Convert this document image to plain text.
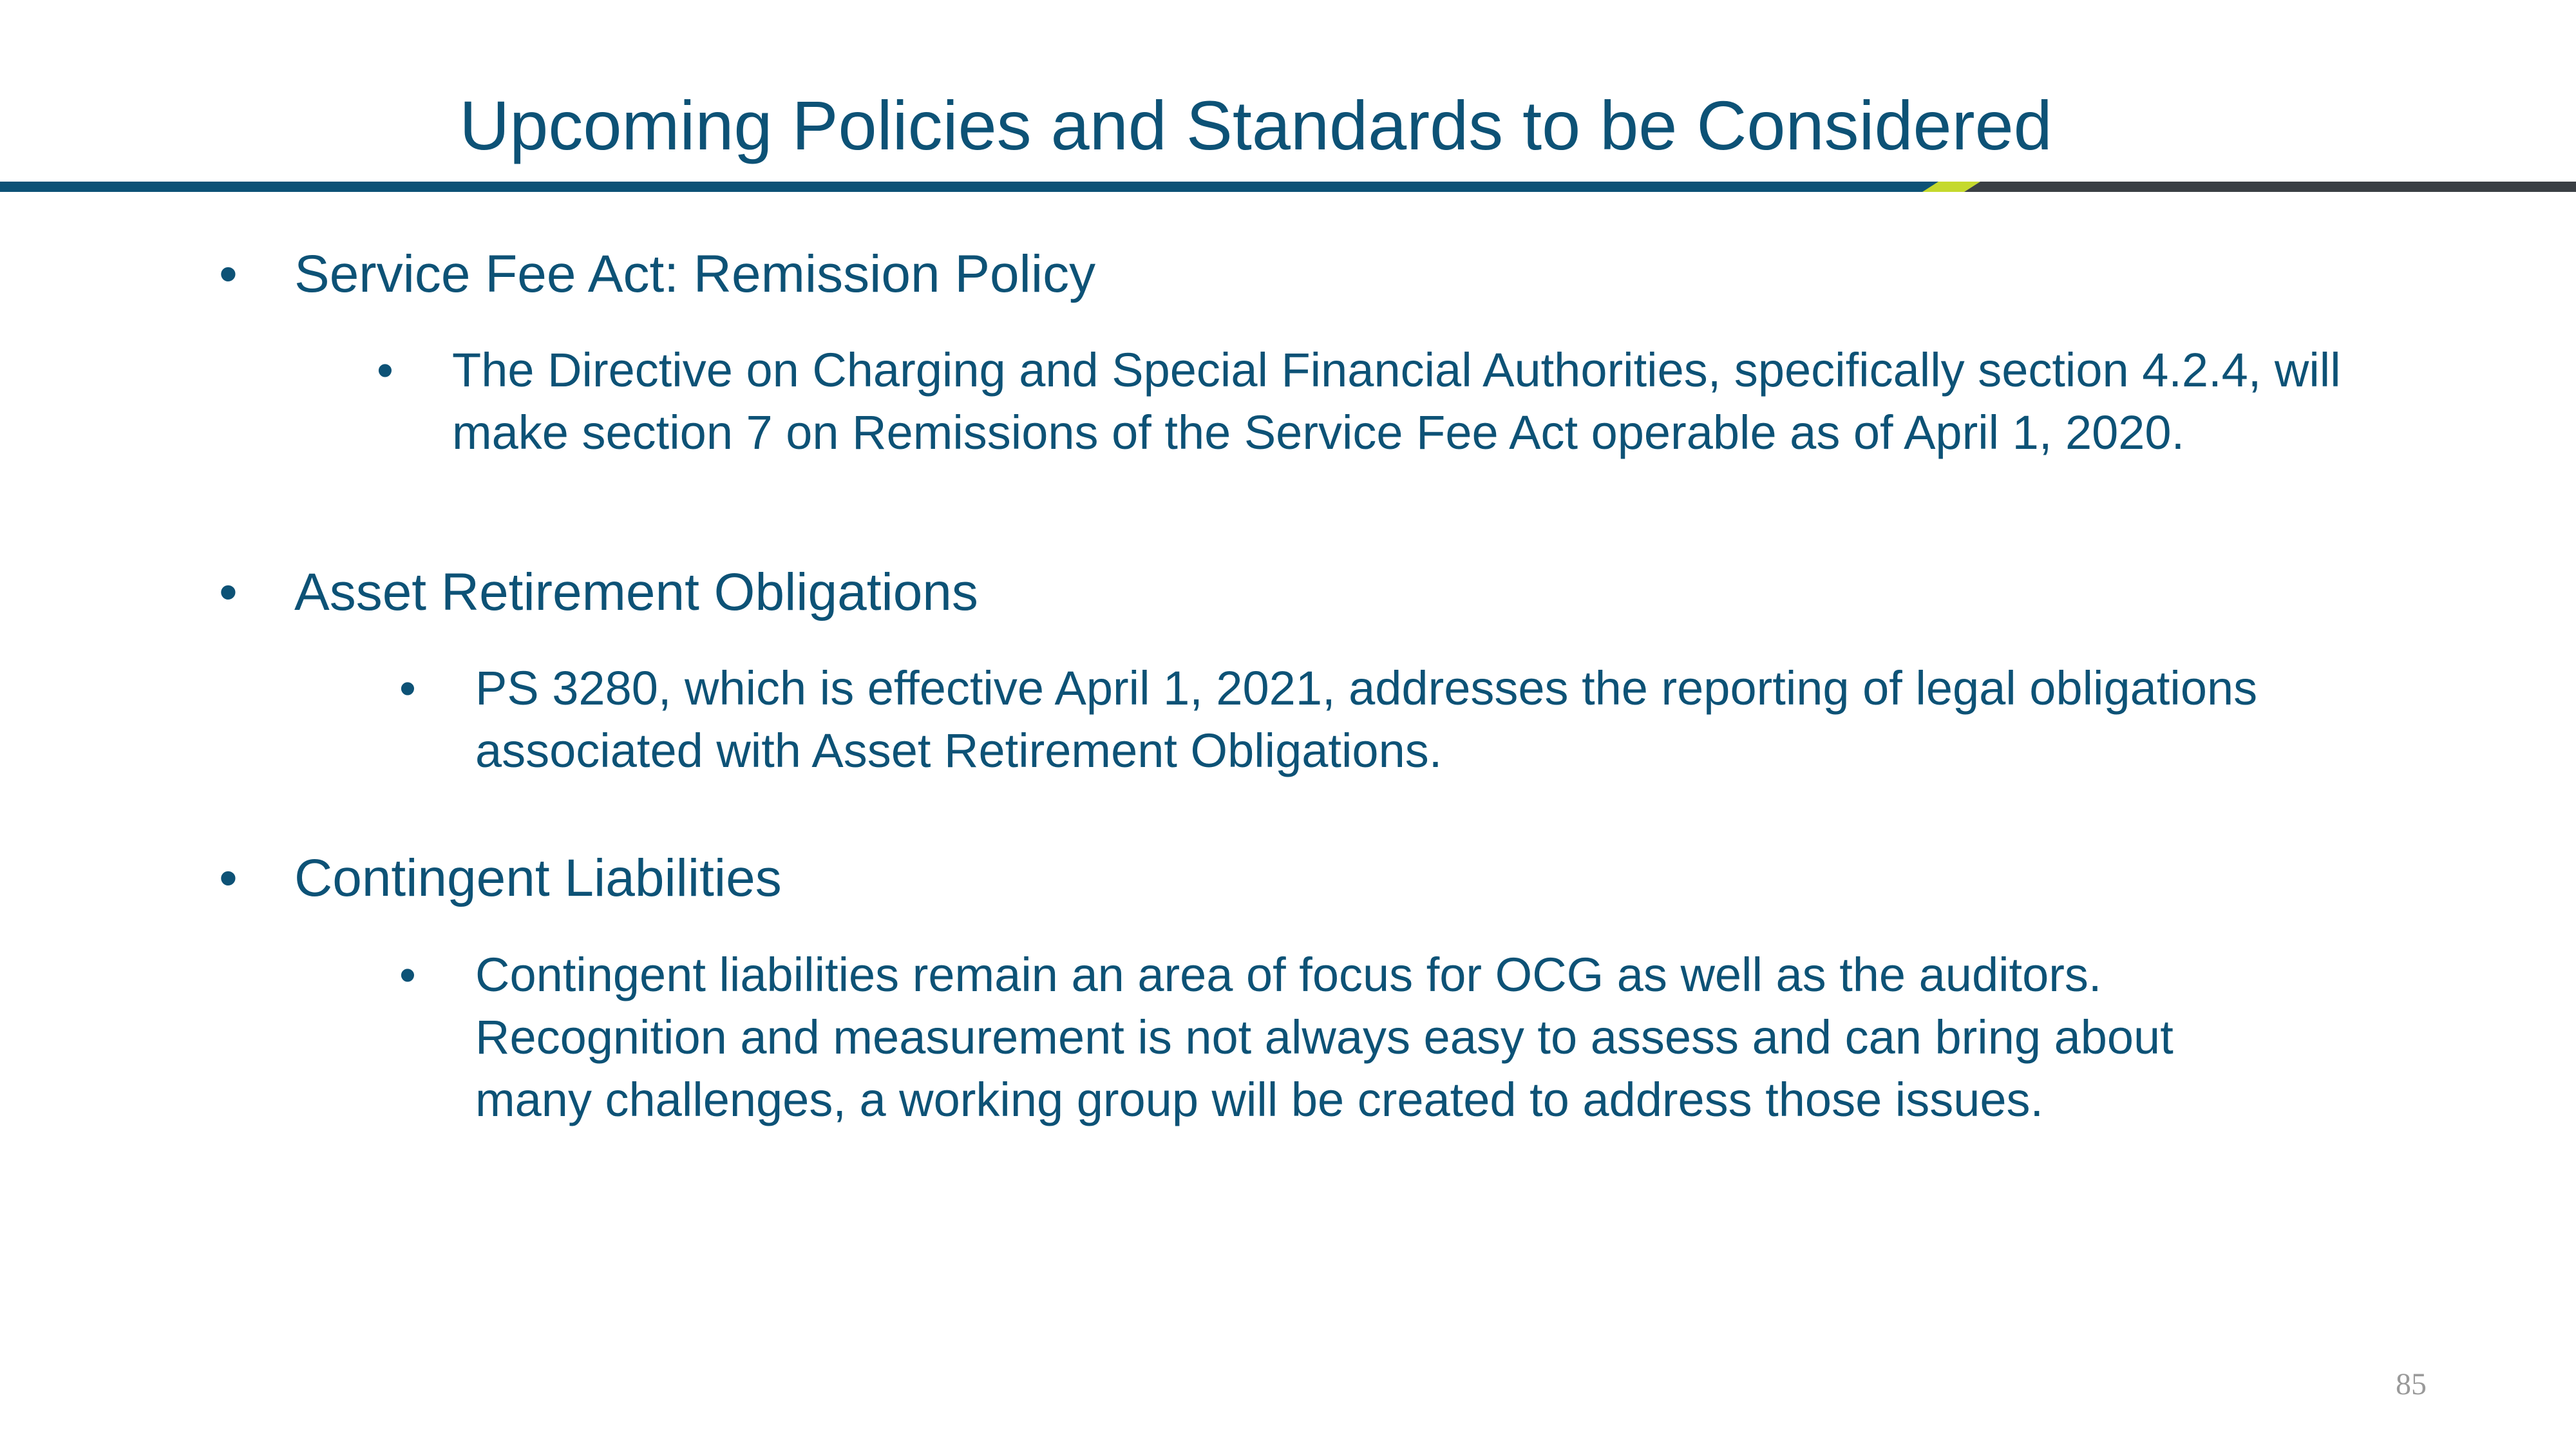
Upcoming Policies and Standards to be Considered
•	Service Fee Act: Remission Policy
•	The Directive on Charging and Special Financial Authorities, specifically section 4.2.4, will make section 7 on Remissions of the Service Fee Act operable as of April 1, 2020.
•	Asset Retirement Obligations
•	PS 3280, which is effective April 1, 2021, addresses the reporting of legal obligations associated with Asset Retirement Obligations.
•	Contingent Liabilities
•	Contingent liabilities remain an area of focus for OCG as well as the auditors. Recognition and measurement is not always easy to assess and can bring about many challenges, a working group will be created to address those issues.
85
